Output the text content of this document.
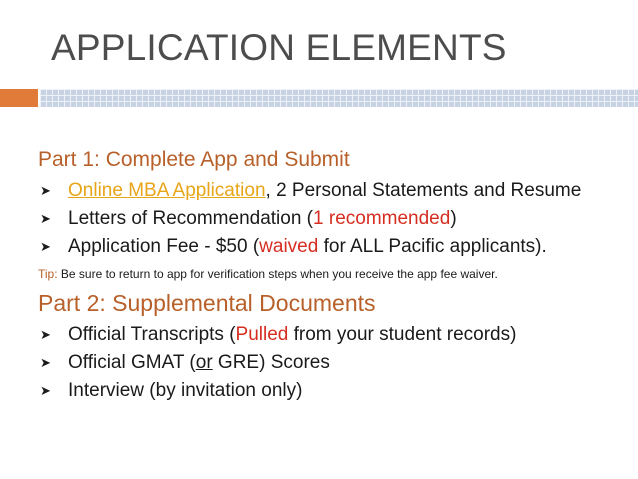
APPLICATION ELEMENTS
Part 1: Complete App and Submit
➤ Online MBA Application, 2 Personal Statements and Resume
➤ Letters of Recommendation (1 recommended)
➤ Application Fee - $50 (waived for ALL Pacific applicants).
Tip: Be sure to return to app for verification steps when you receive the app fee waiver.
Part 2: Supplemental Documents
➤ Official Transcripts (Pulled from your student records)
➤ Official GMAT (or GRE) Scores
➤ Interview (by invitation only)
